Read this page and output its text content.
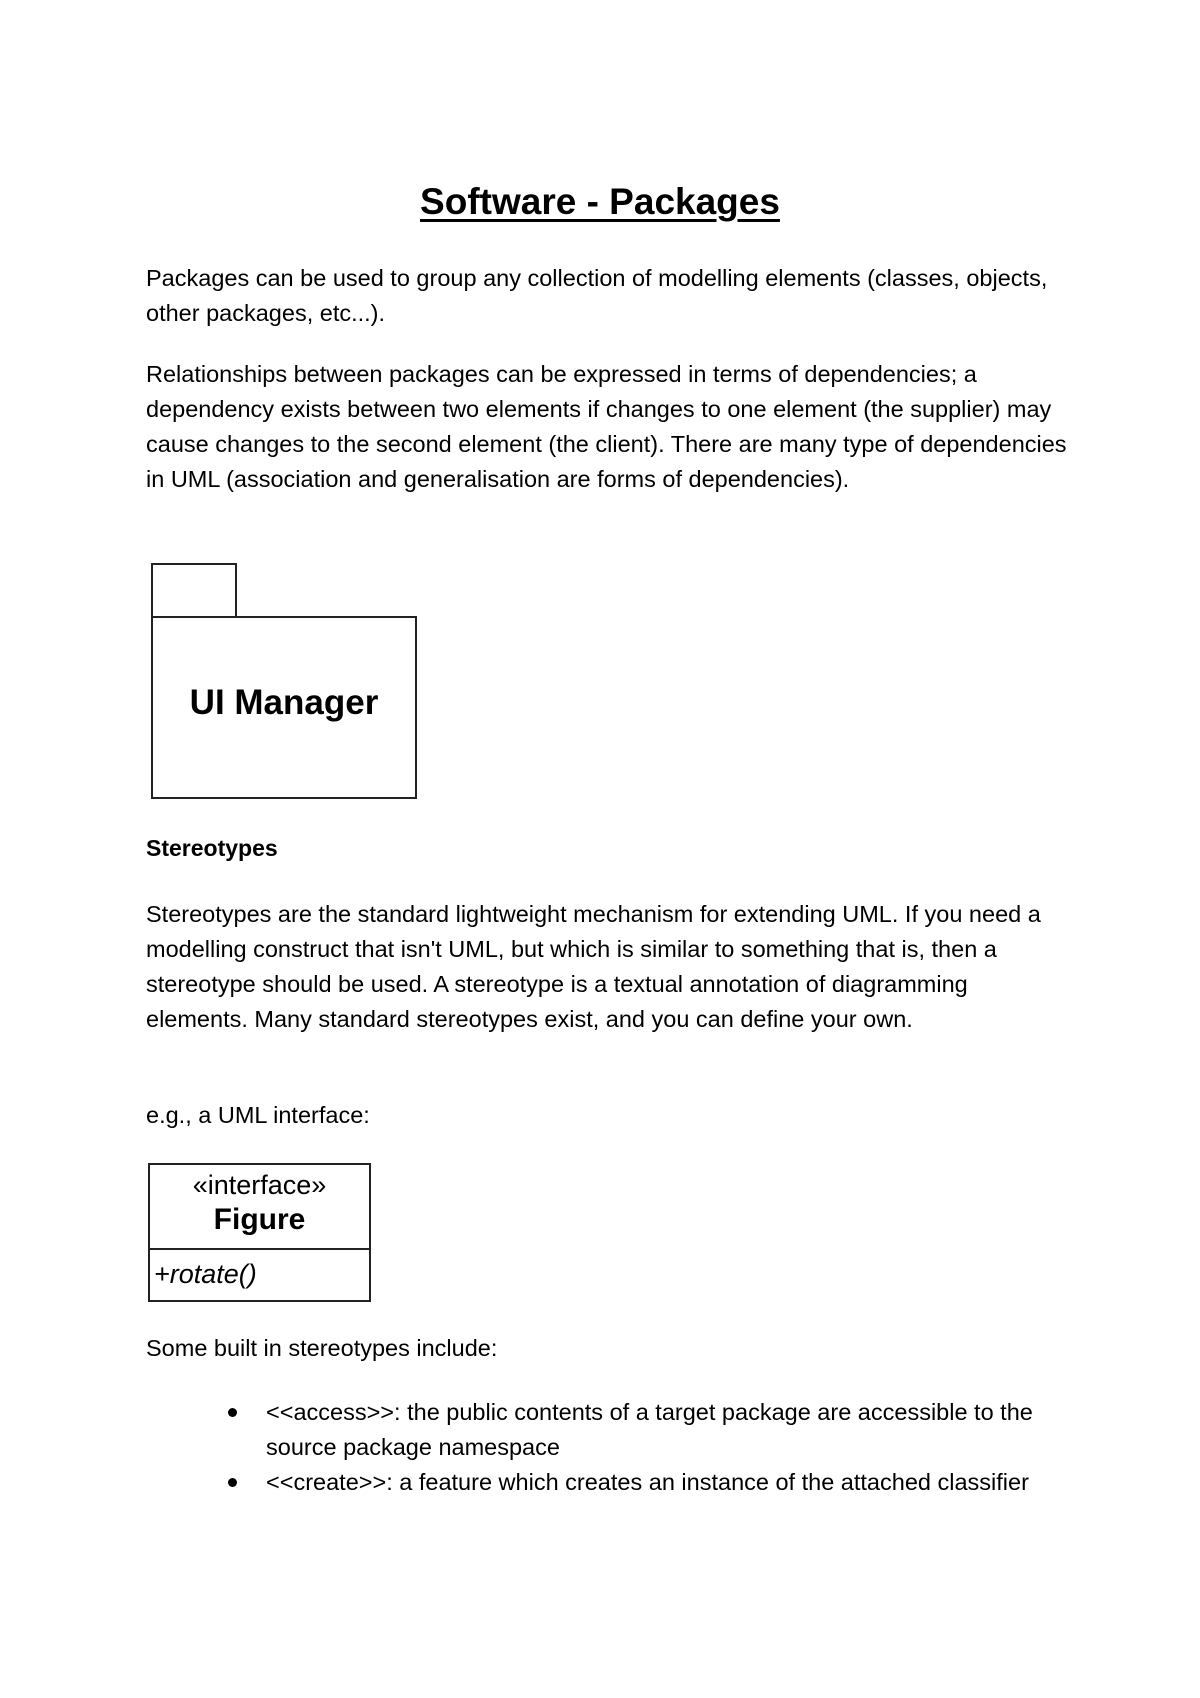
Software - Packages

Packages can be used to group any collection of modelling elements (classes, objects, other packages, etc...).

Relationships between packages can be expressed in terms of dependencies; a dependency exists between two elements if changes to one element (the supplier) may cause changes to the second element (the client). There are many type of dependencies in UML (association and generalisation are forms of dependencies).

UI Manager
Stereotypes

Stereotypes are the standard lightweight mechanism for extending UML. If you need a modelling construct that isn't UML, but which is similar to something that is, then a stereotype should be used. A stereotype is a textual annotation of diagramming elements. Many standard stereotypes exist, and you can define your own.

e.g., a UML interface:

«interface»
Figure
+rotate()

Some built in stereotypes include:

<<access>>: the public contents of a target package are accessible to the source package namespace
<<create>>: a feature which creates an instance of the attached classifier
